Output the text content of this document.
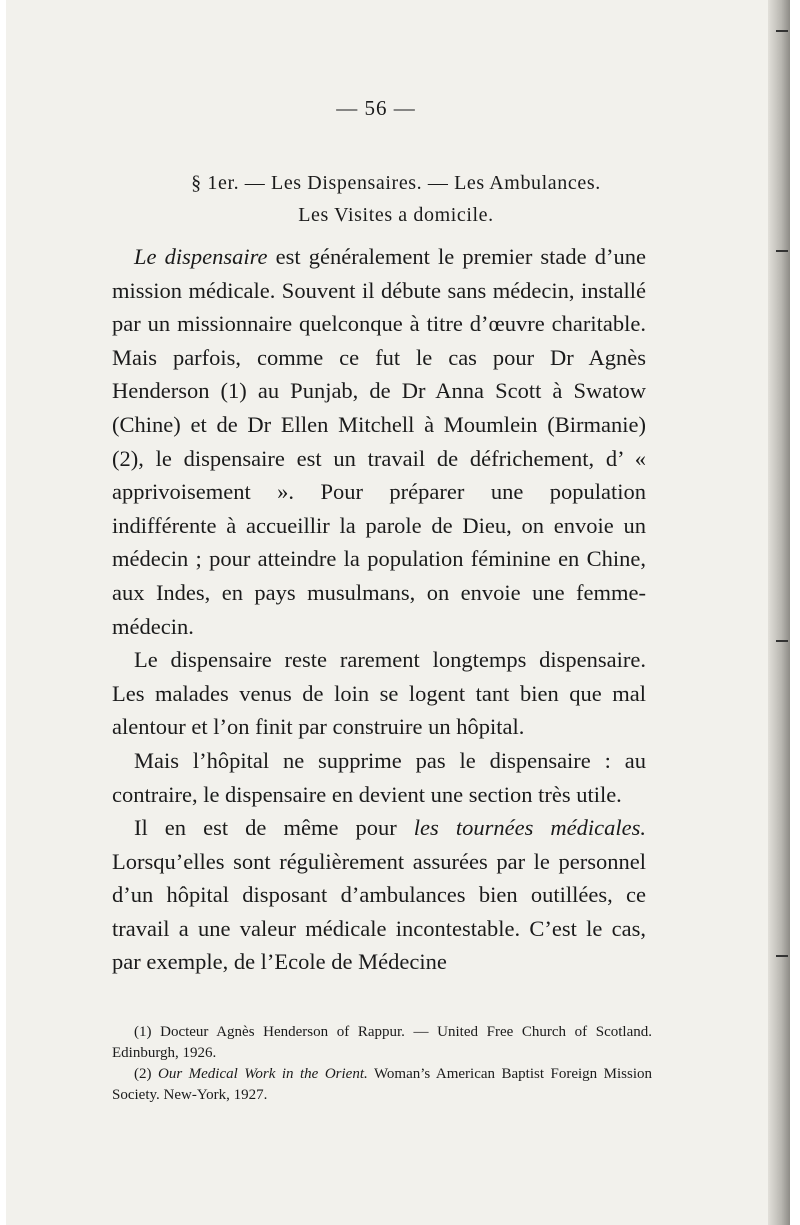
— 56 —
§ 1er. — Les Dispensaires. — Les Ambulances.
Les Visites a domicile.

Le dispensaire est généralement le premier stade d’une mission médicale. Souvent il débute sans médecin, installé par un missionnaire quelconque à titre d’œuvre charitable. Mais parfois, comme ce fut le cas pour Dr Agnès Henderson (1) au Punjab, de Dr Anna Scott à Swatow (Chine) et de Dr Ellen Mitchell à Moumlein (Birmanie) (2), le dispensaire est un travail de défrichement, d’ « apprivoisement ». Pour préparer une population indifférente à accueillir la parole de Dieu, on envoie un médecin ; pour atteindre la population féminine en Chine, aux Indes, en pays musulmans, on envoie une femme-médecin.

Le dispensaire reste rarement longtemps dispensaire. Les malades venus de loin se logent tant bien que mal alentour et l’on finit par construire un hôpital.

Mais l’hôpital ne supprime pas le dispensaire : au contraire, le dispensaire en devient une section très utile.

Il en est de même pour les tournées médicales. Lorsqu’elles sont régulièrement assurées par le personnel d’un hôpital disposant d’ambulances bien outillées, ce travail a une valeur médicale incontestable. C’est le cas, par exemple, de l’Ecole de Médecine

(1) Docteur Agnès Henderson of Rappur. — United Free Church of Scotland. Edinburgh, 1926.

(2) Our Medical Work in the Orient. Woman’s American Baptist Foreign Mission Society. New-York, 1927.
